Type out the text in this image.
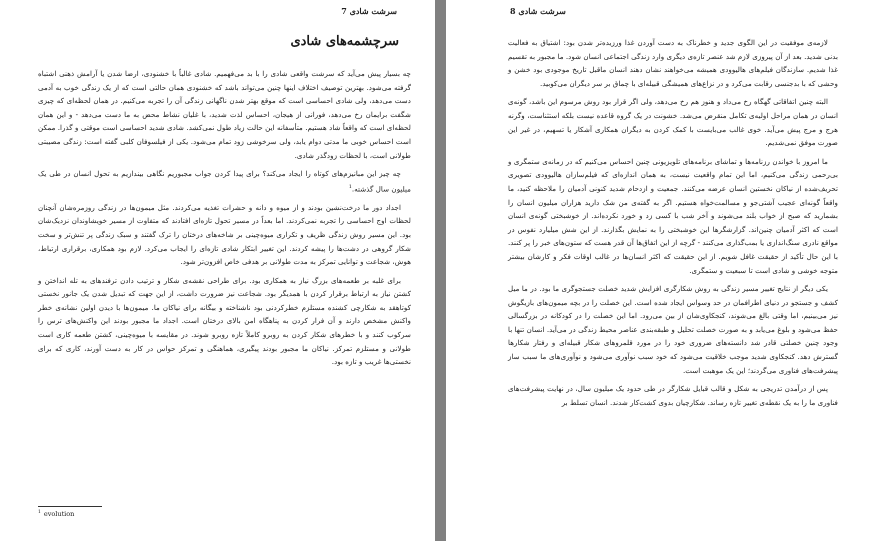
سرشت شادی 7
سرچشمه‌های شادی

چه بسیار پیش می‌آید که سرشت واقعی شادی را با بد می‌فهمیم. شادی غالباً با خشنودی، ارضا شدن یا آرامش ذهنی اشتباه گرفته می‌شود. بهترین توصیف اختلاف اینها چنین می‌تواند باشد که خشنودی همان حالتی است که از یک زندگی خوب به آدمی دست می‌دهد، ولی شادی احساسی است که موقع بهتر شدن ناگهانی زندگی آن را تجربه می‌کنیم. در همان لحظه‌ای که چیزی شگفت برایمان رخ می‌دهد، فورانی از هیجان، احساس لذت شدید، با غلیان نشاط محض به ما دست می‌دهد - و این همان لحظه‌ای است که واقعاً شاد هستیم. متأسفانه این حالت زیاد طول نمی‌کشد. شادی شدید احساسی است موقتی و گذرا. ممکن است احساس خوبی ما مدتی دوام یابد، ولی سرخوشی زود تمام می‌شود. یکی از فیلسوفان کلبی گفته است: زندگی مصیبتی طولانی است، با لحظات زودگذر شادی.

چه چیز این مبانیزم‌های کوتاه را ایجاد می‌کند؟ برای پیدا کردن جواب مجبوریم نگاهی بیندازیم به تحول انسان در طی یک میلیون سال گذشته.$^1$

اجداد دور ما درخت‌نشین بودند و از میوه و دانه و حشرات تغذیه می‌کردند. مثل میمون‌ها در زندگی روزمره‌شان آنچنان لحظات اوج احساسی را تجربه نمی‌کردند. اما بعداً در مسیر تحول تازه‌ای افتادند که متفاوت از مسیر خویشاوندان نزدیک‌شان بود. این مسیر روش زندگی ظریف و تکراری میوه‌چینی بر شاخه‌های درختان را ترک گفتند و سبک زندگی پر تنش‌تر و سخت شکار گروهی در دشت‌ها را پیشه کردند. این تغییر ابتکار شادی تازه‌ای را ایجاب می‌کرد. لازم بود همکاری، برقراری ارتباط، هوش، شجاعت و توانایی تمرکز به مدت طولانی بر هدفی خاص افزون‌تر شود.

برای غلبه بر طعمه‌های بزرگ نیاز به همکاری بود. برای طراحی نقشه‌ی شکار و ترتیب دادن ترفندهای به تله انداختن و کشتن نیاز به ارتباط برقرار کردن با همدیگر بود. شجاعت نیز ضرورت داشت، از این جهت که تبدیل شدن یک جانور نخستی کوتاهقد به شکارچی کشنده مستلزم خطرکردنی بود ناشناخته و بیگانه برای نیاکان ما. میمون‌ها با دیدن اولین نشانه‌ی خطر واکنش مشخص دارند و آن فرار کردن به پناهگاه امن بالای درختان است. اجداد ما مجبور بودند این واکنش‌های ترس را سرکوب کنند و با خطرهای شکار کردن به روبرو کاملاً تازه روبرو شوند. در مقایسه با میوه‌چینی، کشتن طعمه کاری است طولانی و مستلزم تمرکز. نیاکان ما مجبور بودند پیگیری، هماهنگی و تمرکز حواس در کار به دست آورند، کاری که برای نخستی‌ها غریب و تازه بود.

$^1$ evolution
سرشت شادی 8

لازمه‌ی موفقیت در این الگوی جدید و خطرناک به دست آوردن غذا ورزیده‌تر شدن بود: اشتیاق به فعالیت بدنی شدید. بعد از آن پیروزی لازم شد عنصر تازه‌ی دیگری وارد زندگی اجتماعی انسان شود. ما مجبور به تقسیم غذا شدیم. سازندگان فیلم‌های هالیوودی همیشه می‌خواهند نشان دهند انسان ماقبل تاریخ موجودی بود خشن و وحشی که با بدجنسی رقابت می‌کرد و در نزاع‌های همیشگی قبیله‌ای با چماق بر سر دیگران می‌کوبید.

البته چنین اتفاقاتی گهگاه رخ می‌داد و هنوز هم رخ می‌دهد، ولی اگر قرار بود روش مرسوم این باشد، گونه‌ی انسان در همان مراحل اولیه‌ی تکامل منقرض می‌شد. خشونت در یک گروه قاعده نیست بلکه استثناست، وگرنه هرج و مرج پیش می‌آید. خوی غالب می‌بایست با کمک کردن به دیگران همکاری آشکار یا تسهیم، در غیر این صورت موفق نمی‌شدیم.

ما امروز با خواندن رزنامه‌ها و تماشای برنامه‌های تلویزیونی چنین احساس می‌کنیم که در زمانه‌ی ستمگری و بی‌رحمی زندگی می‌کنیم، اما این تمام واقعیت نیست، به همان اندازه‌ای که فیلم‌سازان هالیوودی تصویری تحریف‌شده از نیاکان نخستین انسان عرضه می‌کنند. جمعیت و ازدحام شدید کنونی آدمیان را ملاحظه کنید، ما واقعاً گونه‌ای عجیب آشتی‌جو و مسالمت‌خواه هستیم. اگر به گفته‌ی من شک دارید هزاران میلیون انسان را بشمارید که صبح از خواب بلند می‌شوند و آخر شب با کسی زد و خورد نکرده‌اند. از خوشبختی گونه‌ی انسان است که اکثر آدمیان چنین‌اند. گزارشگرها این خوشبختی را به نمایش بگذارند. از این شش میلیارد نفوس در مواقع نادری سنگ‌اندازی یا بمب‌گذاری می‌کنند - گرچه از این اتفاق‌ها آن قدر هست که ستون‌های خبر را پر کنند. با این حال تأکید از حقیقت غافل شویم. از این حقیقت که اکثر انسان‌ها در غالب اوقات فکر و کارشان بیشتر متوجه خوشی و شادی است تا سبعیت و ستمگری.

یکی دیگر از نتایج تغییر مسیر زندگی به روش شکارگری افزایش شدید خصلت جستجوگری ما بود. در ما میل کشف و جستجو در دنیای اطرافمان در حد وسواس ایجاد شده است. این خصلت را در بچه میمون‌های بازیگوش نیز می‌بینیم، اما وقتی بالغ می‌شوند، کنجکاوی‌شان از بین می‌رود. اما این خصلت را در کودکانه در بزرگسالی حفظ می‌شود و بلوغ می‌یابد و به صورت خصلت تحلیل و طبقه‌بندی عناصر محیط زندگی در می‌آید. انسان تنها با وجود چنین خصلتی قادر شد دانسته‌های ضروری خود را در مورد قلمروهای شکار قبیله‌ای و رفتار شکارها گسترش دهد. کنجکاوی شدید موجب خلاقیت می‌شود که خود سبب نوآوری می‌شود و نوآوری‌های ما سبب ساز پیشرفت‌های فناوری می‌گردند؛ این یک موهبت است.

پس از درآمدن تدریجی به شکل و قالب قبایل شکارگر در طی حدود یک میلیون سال، در نهایت پیشرفت‌های فناوری ما را به یک نقطه‌ی تغییر تازه رساند. شکارچیان بدوی کشت‌کار شدند. انسان تسلط بر
